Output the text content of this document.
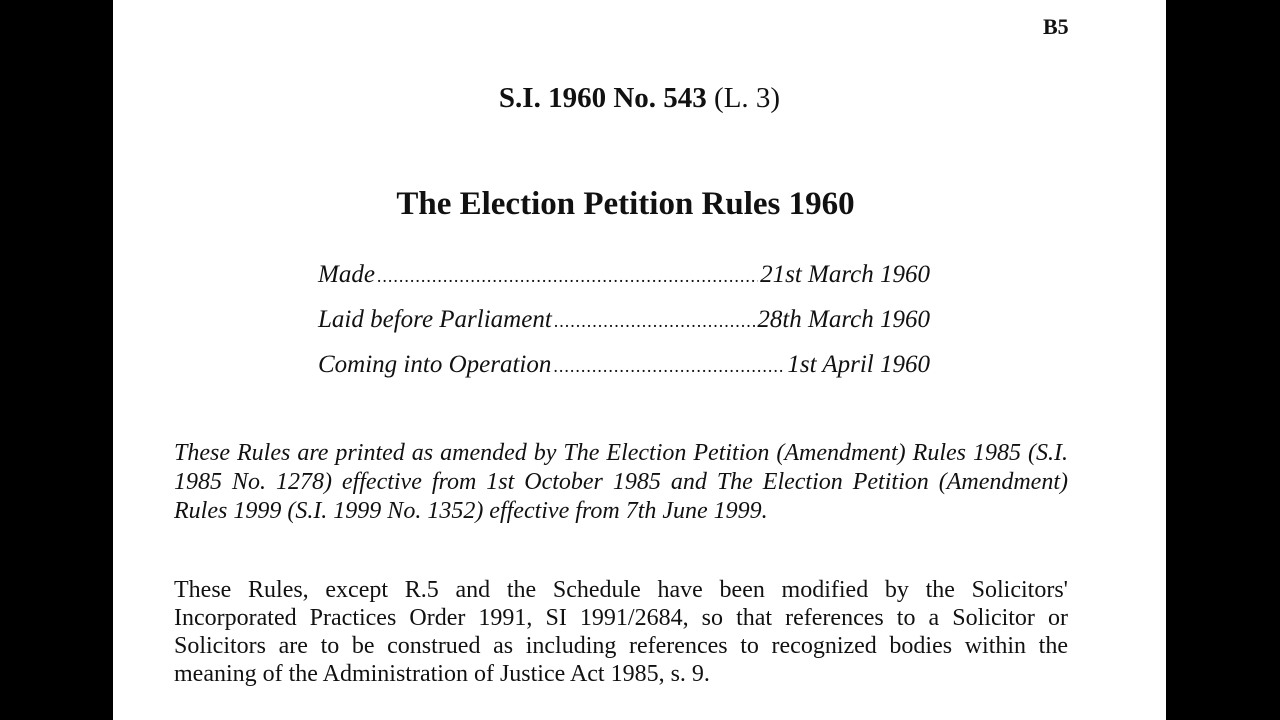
B5
S.I. 1960 No. 543 (L. 3)
The Election Petition Rules 1960
Made .....	21st March 1960
Laid before Parliament .....	28th March 1960
Coming into Operation .....	1st April 1960

These Rules are printed as amended by The Election Petition (Amendment) Rules 1985 (S.I. 1985 No. 1278) effective from 1st October 1985 and The Election Petition (Amendment) Rules 1999 (S.I. 1999 No. 1352) effective from 7th June 1999.

These Rules, except R.5 and the Schedule have been modified by the Solicitors' Incorporated Practices Order 1991, SI 1991/2684, so that references to a Solicitor or Solicitors are to be construed as including references to recognized bodies within the meaning of the Administration of Justice Act 1985, s. 9.
